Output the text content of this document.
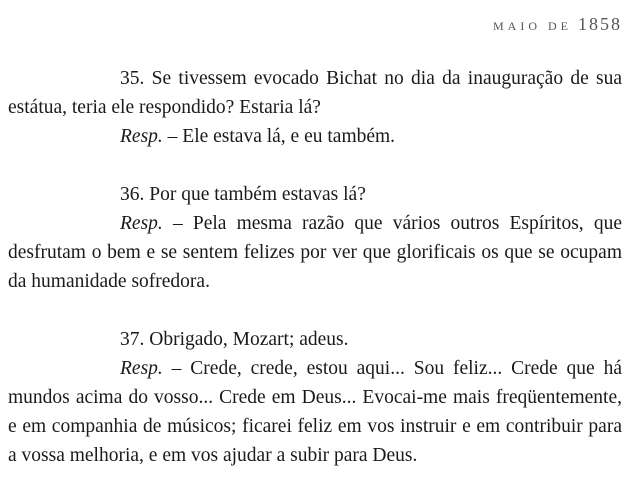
MAIO DE 1858

35. Se tivessem evocado Bichat no dia da inauguração de sua estátua, teria ele respondido? Estaria lá?

Resp. – Ele estava lá, e eu também.

36. Por que também estavas lá?

Resp. – Pela mesma razão que vários outros Espíritos, que desfrutam o bem e se sentem felizes por ver que glorificais os que se ocupam da humanidade sofredora.

37. Obrigado, Mozart; adeus.

Resp. – Crede, crede, estou aqui... Sou feliz... Crede que há mundos acima do vosso... Crede em Deus... Evocai-me mais freqüentemente, e em companhia de músicos; ficarei feliz em vos instruir e em contribuir para a vossa melhoria, e em vos ajudar a subir para Deus.
